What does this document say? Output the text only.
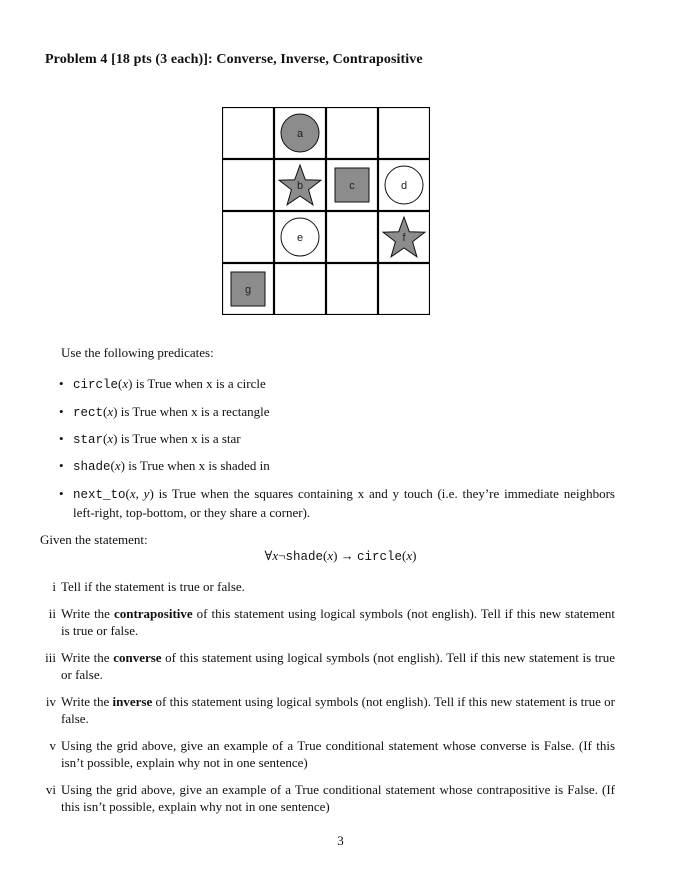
Problem 4 [18 pts (3 each)]: Converse, Inverse, Contrapositive
a
b	c	d
e	f
g
Use the following predicates:
• circle(x) is True when x is a circle
• rect(x) is True when x is a rectangle
• star(x) is True when x is a star
• shade(x) is True when x is shaded in
• next_to(x, y) is True when the squares containing x and y touch (i.e. they’re immediate neighbors left-right, top-bottom, or they share a corner).
Given the statement:
∀x¬shade(x) → circle(x)
i Tell if the statement is true or false.
ii Write the contrapositive of this statement using logical symbols (not english). Tell if this new statement is true or false.
iii Write the converse of this statement using logical symbols (not english). Tell if this new statement is true or false.
iv Write the inverse of this statement using logical symbols (not english). Tell if this new statement is true or false.
v Using the grid above, give an example of a True conditional statement whose converse is False. (If this isn’t possible, explain why not in one sentence)
vi Using the grid above, give an example of a True conditional statement whose contrapositive is False. (If this isn’t possible, explain why not in one sentence)
3
